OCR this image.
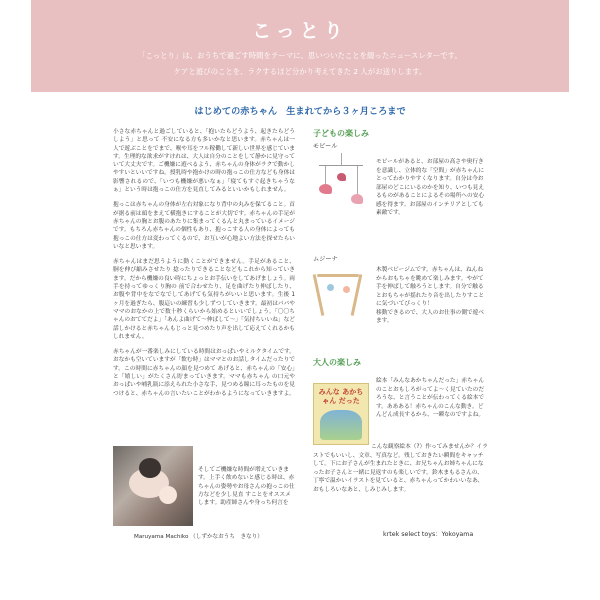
こっとり
「こっとり」は、おうちで過ごす時間をテーマに、思いついたことを綴ったニュースレターです。
ケアと遊びのことを、ラクするほど分かり考えてきた 2 人がお送りします。
はじめての赤ちゃん　生まれてから３ヶ月ころまで

小さな赤ちゃんと過ごしていると、「抱いたらどうよう、起きたらどうしよう」と思って 不安になる方も多いかなと思います。赤ちゃんは一人で遊ぶことをでまで、喉や耳をフル稼働して新しい世界を感じています。生理的な欲求がすけれは、大人は自分のことをして静かに見守っていて大丈夫です。ご機嫌に遊べるよう、赤ちゃんの身体がラクで動かしやすいといいですね。授乳時や抱かけの時の抱っこの仕方なども身体は影響されるので、「いつも機嫌が悪いなぁ」「寝てもすぐ起きちゃうなぁ」という時は抱っこの仕方を見直してみるといいかもしれません。

抱っこは赤ちゃんの身体が左右対象になり背中の丸みを保てること。首が据る前は頭をまえて横抱きにすることが大切です。赤ちゃんの手足が赤ちゃんの胸とお腹のあたりに集まってくるんと丸まっているイメージです。もちろん赤ちゃんの個性もあり、抱っこする人の身体によっても抱っこの仕方は変わってくるので、お互いが心地よい方法を探せたらいいなと思います。

赤ちゃんはまだ思うように動くことができません。手足があること、胴を伸び縮みさせたり 捻ったりできることなどもこれから知っていきます。だから機嫌の良い時にちょっとお手伝いをしてあげましょう。両手を持ってゆっくり胸の 前で合わせたり、足を曲げたり伸ばしたり、お腹や背中をなでなでしてあげても気持ちがいいと思います。生後 1 ヶ月を過ぎたら、腹這いの練習も少しずつしていきます。最初はパパやママのおなかの上で数十秒くらいから始めるといいでしょう。「〇〇ちゃんのおててだよ」「あんよ曲げて〜伸ばして〜」「気持ちいいね」など話しかけると赤ちゃんもじっと見つめたり声を出して応えてくれるかもしれません。

赤ちゃんが一番楽しみにしている時間はおっぱいやミルクタイムです。おなかも空いていますが「飲む時」はママとのお話しタイムだったりです。この時間に赤ちゃんの顔を見つめて あげると、赤ちゃんの「安心」と「嬉しい」がたくさん貯まっていきます。ママも赤ちゃん の口元やおっぱいや哺乳瓶に添えられた小さな手、見つめる瞳に耳ったものを見つけると、赤ちゃんの言いたいことがわかるようになっていきますよ。

そしてご機嫌な時間が増えていきます。上手く飲めないと感じる時は、赤ちゃんの姿勢やお母さんの抱っこの仕方などを少し見直 すことをオススメします。助産師さんや身っち何言を
Maruyama Machiko （しずかなおうち　きなり）
子どもの楽しみ
モビール
モビールがあると、お部屋の高さや奥行きを意識し、立体的な「空間」が赤ちゃんにとってわかりやすくなります。自分は今お部屋のどこにいるのかを知り、いつも見えるものがあることによるその場所への安心感を得ます。お部屋のインテリアとしても素敵です。
ムジーナ
木製ベビージムです。赤ちゃんは、ねんねからおもちゃを眺めて楽しみます。やがて手を伸ばして触ろうとします。自分で触るとおもちゃが揺れたり音を出したりすことに気づいてびっくり！
移動できるので、大人のお仕事の側で遊べます。
大人の楽しみ
みんな あかちゃん だった
絵本「みんなあかちゃんだった」赤ちゃんのことおもしろがってよ〜く見ていたのだろうな、と言うことが伝わってくる絵本です。ああある！赤ちゃんのこんな動き。どんどん成長するから、一瞬なのですよね。
こんな観察絵本（?）作ってみませんか？イラストでもいいし、文章、写真など。残しておきたい瞬間をキャッチして。下にお子さんが生まれたときに、お兄ちゃんお姉ちゃんになったお子さんと一緒に見返すのも楽しいです。鈴木まもるさんの、丁寧で温かいイラストを見ていると、赤ちゃんってかわいいなあ、おもしろいなあと、しみじみします。
krtek select toys：Yokoyama
